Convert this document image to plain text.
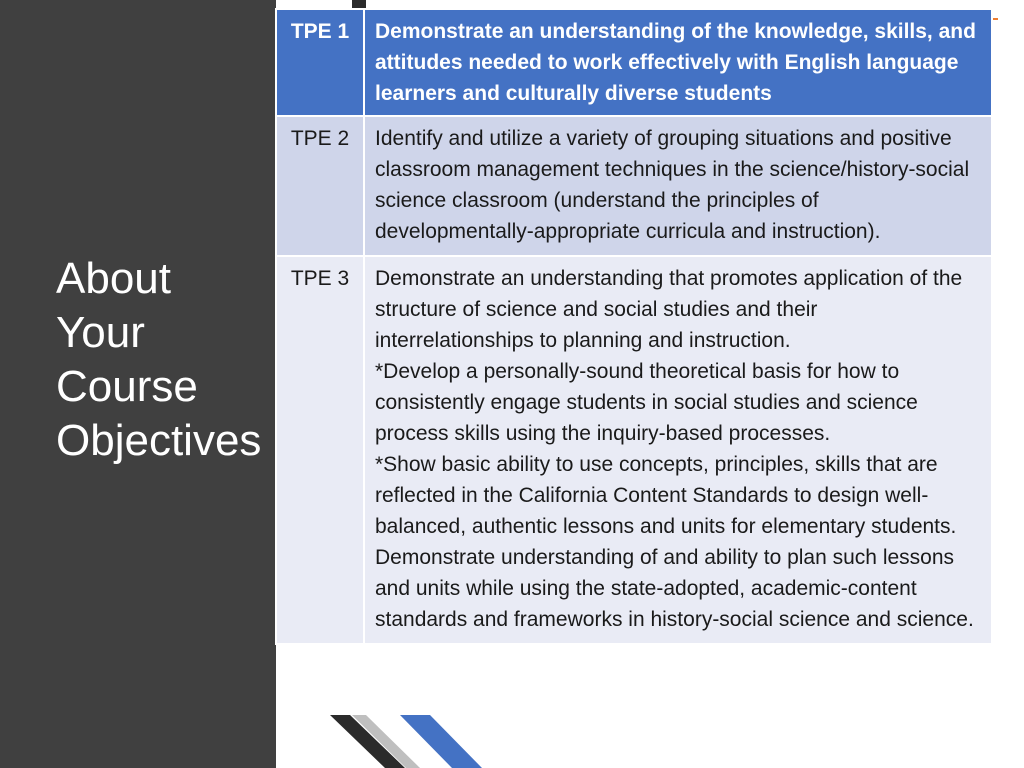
About
Your
Course
Objectives
TPE 1	Demonstrate an understanding of the knowledge, skills, and attitudes needed to work effectively with English language learners and culturally diverse students
TPE 2	Identify and utilize a variety of grouping situations and positive classroom management techniques in the science/history-social science classroom (understand the principles of developmentally-appropriate curricula and instruction).
TPE 3	Demonstrate an understanding that promotes application of the structure of science and social studies and their interrelationships to planning and instruction.
*Develop a personally-sound theoretical basis for how to consistently engage students in social studies and science process skills using the inquiry-based processes.
*Show basic ability to use concepts, principles, skills that are reflected in the California Content Standards to design well-balanced, authentic lessons and units for elementary students.
Demonstrate understanding of and ability to plan such lessons and units while using the state-adopted, academic-content standards and frameworks in history-social science and science.
